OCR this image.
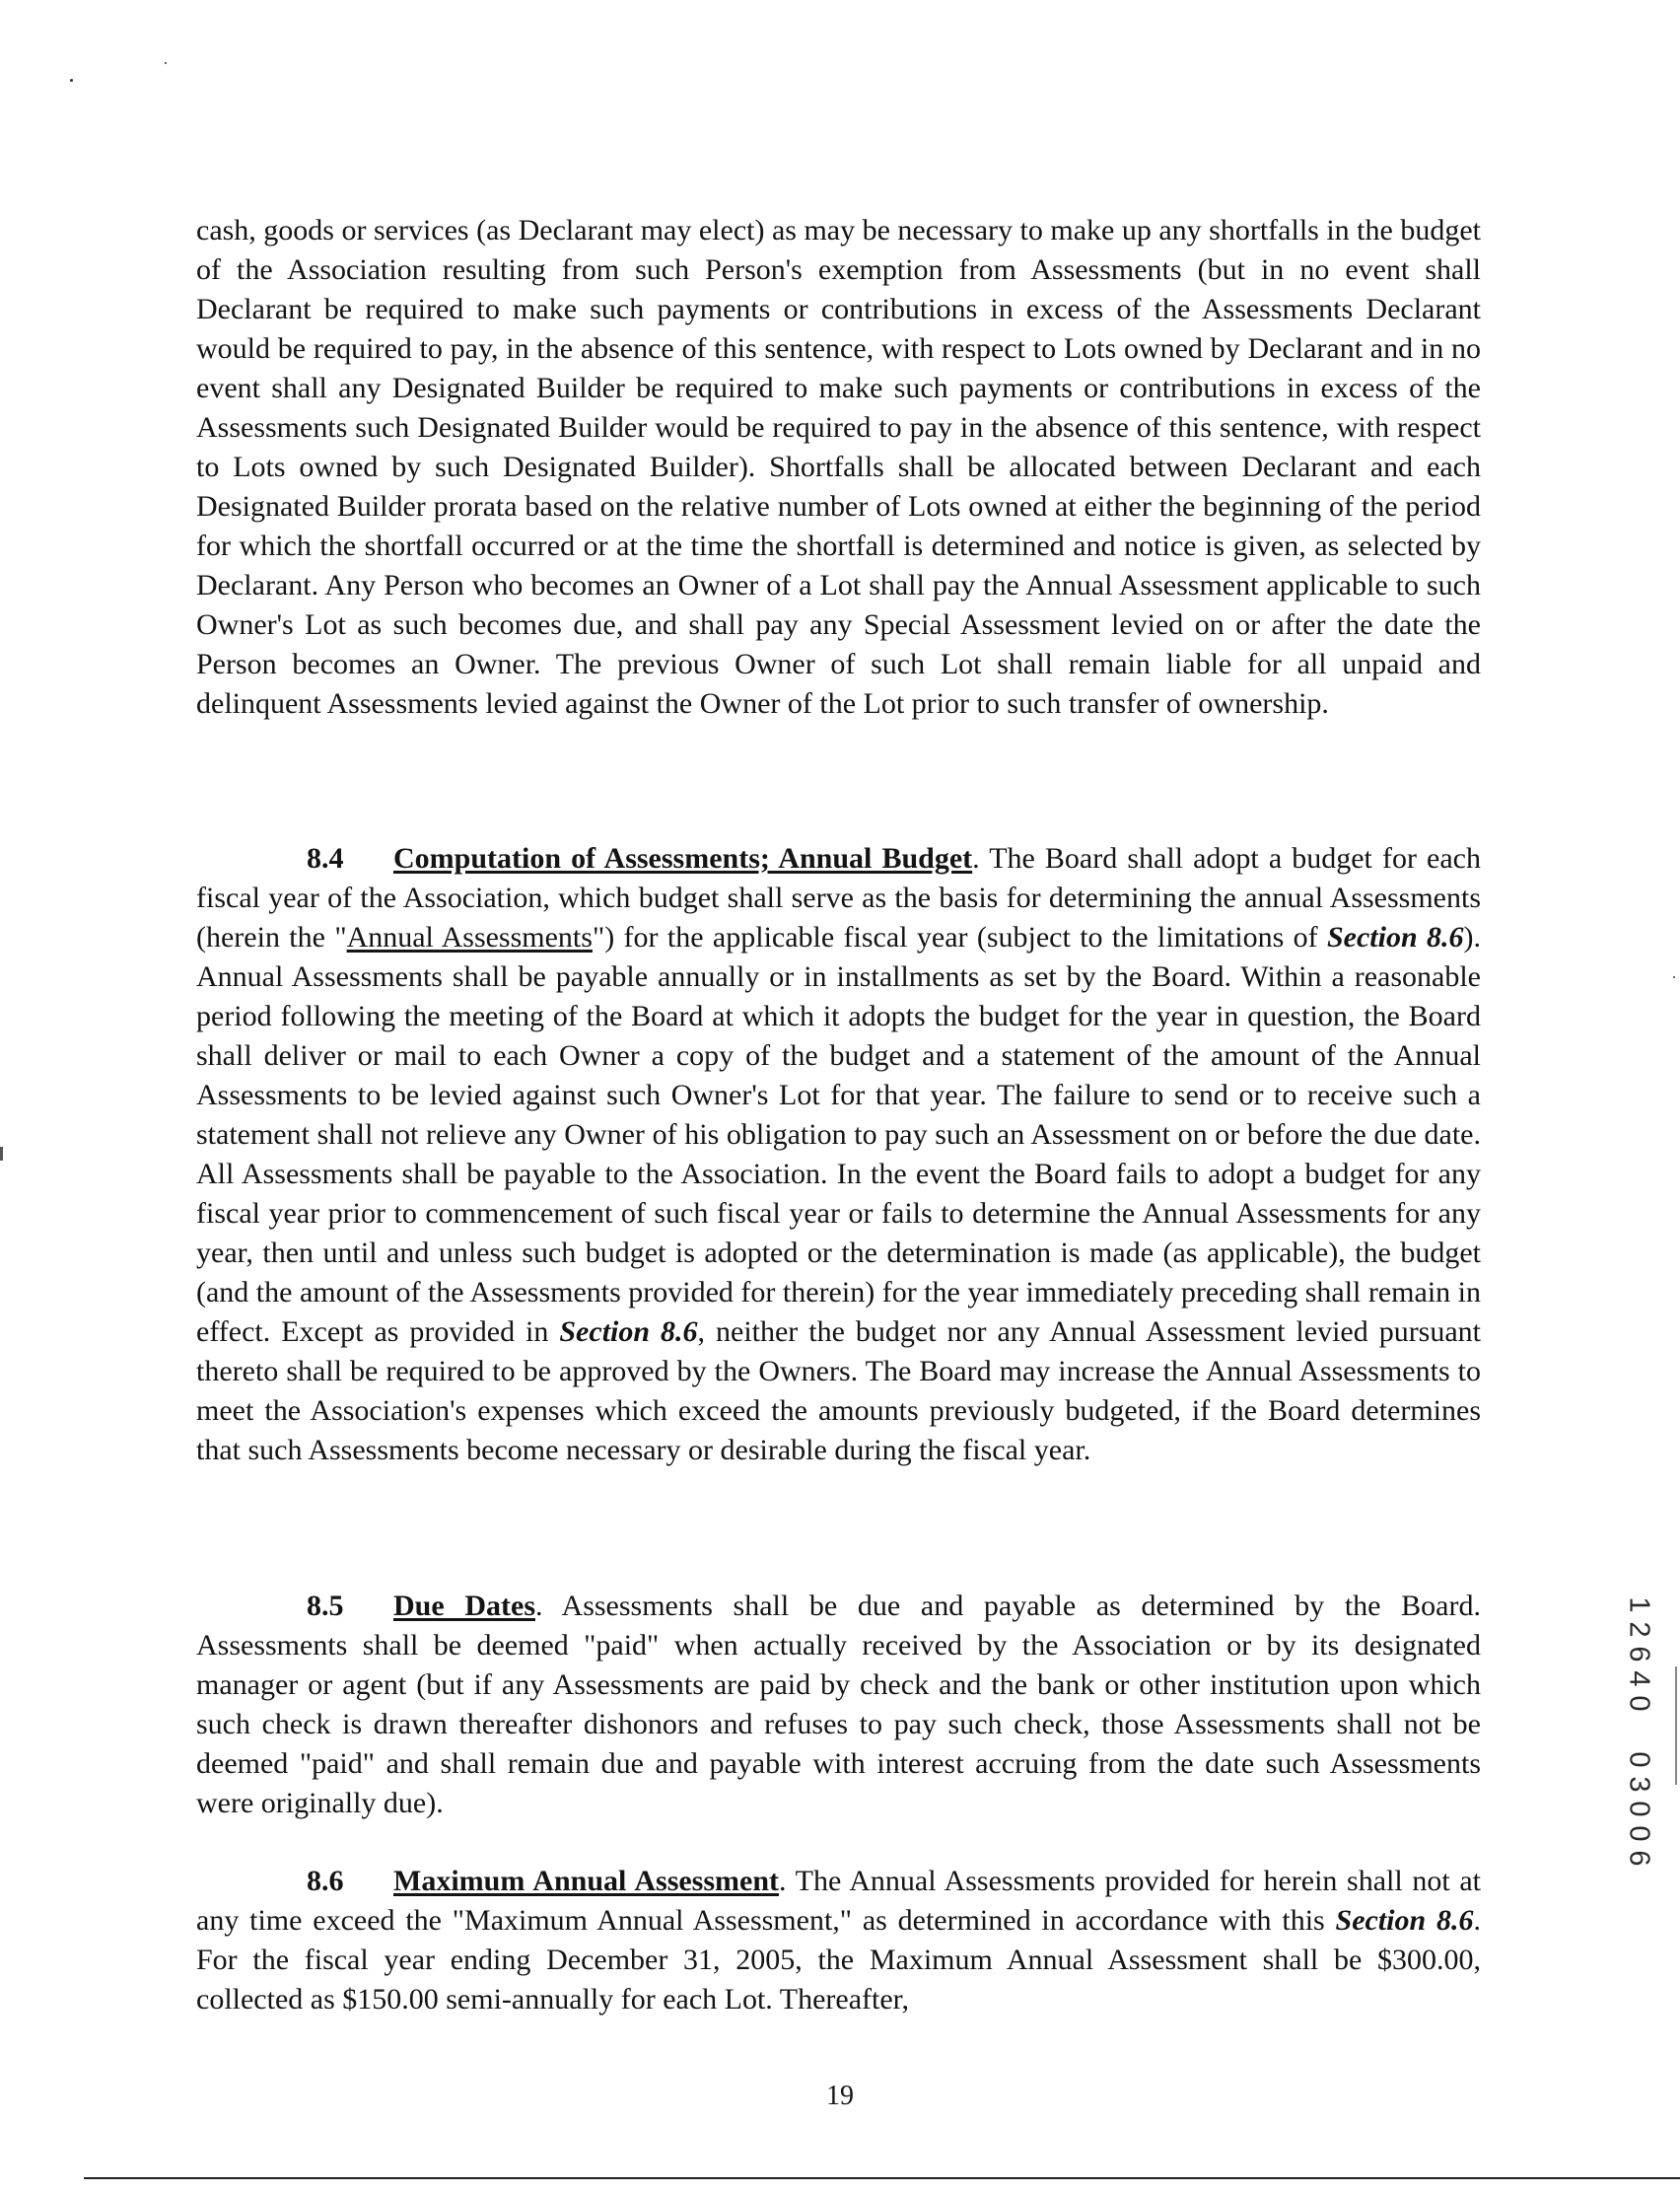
cash, goods or services (as Declarant may elect) as may be necessary to make up any shortfalls in the budget of the Association resulting from such Person's exemption from Assessments (but in no event shall Declarant be required to make such payments or contributions in excess of the Assessments Declarant would be required to pay, in the absence of this sentence, with respect to Lots owned by Declarant and in no event shall any Designated Builder be required to make such payments or contributions in excess of the Assessments such Designated Builder would be required to pay in the absence of this sentence, with respect to Lots owned by such Designated Builder). Shortfalls shall be allocated between Declarant and each Designated Builder prorata based on the relative number of Lots owned at either the beginning of the period for which the shortfall occurred or at the time the shortfall is determined and notice is given, as selected by Declarant. Any Person who becomes an Owner of a Lot shall pay the Annual Assessment applicable to such Owner's Lot as such becomes due, and shall pay any Special Assessment levied on or after the date the Person becomes an Owner. The previous Owner of such Lot shall remain liable for all unpaid and delinquent Assessments levied against the Owner of the Lot prior to such transfer of ownership.

8.4 Computation of Assessments; Annual Budget. The Board shall adopt a budget for each fiscal year of the Association, which budget shall serve as the basis for determining the annual Assessments (herein the "Annual Assessments") for the applicable fiscal year (subject to the limitations of Section 8.6). Annual Assessments shall be payable annually or in installments as set by the Board. Within a reasonable period following the meeting of the Board at which it adopts the budget for the year in question, the Board shall deliver or mail to each Owner a copy of the budget and a statement of the amount of the Annual Assessments to be levied against such Owner's Lot for that year. The failure to send or to receive such a statement shall not relieve any Owner of his obligation to pay such an Assessment on or before the due date. All Assessments shall be payable to the Association. In the event the Board fails to adopt a budget for any fiscal year prior to commencement of such fiscal year or fails to determine the Annual Assessments for any year, then until and unless such budget is adopted or the determination is made (as applicable), the budget (and the amount of the Assessments provided for therein) for the year immediately preceding shall remain in effect. Except as provided in Section 8.6, neither the budget nor any Annual Assessment levied pursuant thereto shall be required to be approved by the Owners. The Board may increase the Annual Assessments to meet the Association's expenses which exceed the amounts previously budgeted, if the Board determines that such Assessments become necessary or desirable during the fiscal year.

8.5 Due Dates. Assessments shall be due and payable as determined by the Board. Assessments shall be deemed "paid" when actually received by the Association or by its designated manager or agent (but if any Assessments are paid by check and the bank or other institution upon which such check is drawn thereafter dishonors and refuses to pay such check, those Assessments shall not be deemed "paid" and shall remain due and payable with interest accruing from the date such Assessments were originally due).

8.6 Maximum Annual Assessment. The Annual Assessments provided for herein shall not at any time exceed the "Maximum Annual Assessment," as determined in accordance with this Section 8.6. For the fiscal year ending December 31, 2005, the Maximum Annual Assessment shall be $300.00, collected as $150.00 semi-annually for each Lot. Thereafter,

1
2
6
4
0
0
3
0
0
6
19
